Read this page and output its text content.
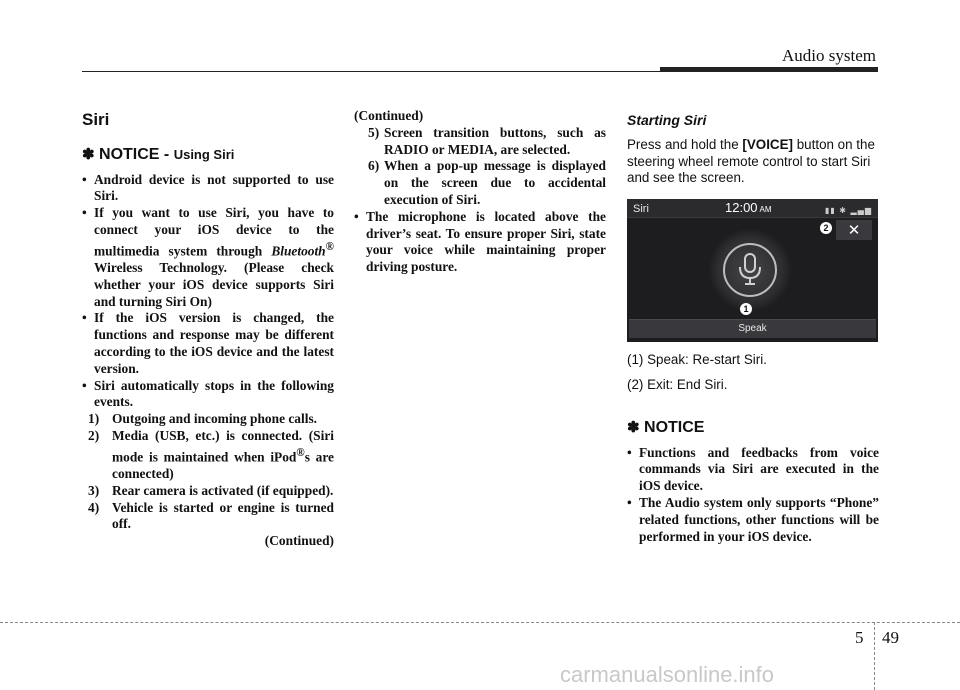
Audio system
Siri
✽ NOTICE - Using Siri

• Android device is not supported to use Siri.

• If you want to use Siri, you have to connect your iOS device to the multimedia system through Bluetooth® Wireless Technology. (Please check whether your iOS device supports Siri and turning Siri On)

• If the iOS version is changed, the functions and response may be different according to the iOS device and the latest version.

• Siri automatically stops in the following events.

1) Outgoing and incoming phone calls.

2) Media (USB, etc.) is connected. (Siri mode is maintained when iPod®s are connected)

3) Rear camera is activated (if equipped).

4) Vehicle is started or engine is turned off.

(Continued)

(Continued)

5) Screen transition buttons, such as RADIO or MEDIA, are selected.

6) When a pop-up message is displayed on the screen due to accidental execution of Siri.

• The microphone is located above the driver’s seat. To ensure proper Siri, state your voice while maintaining proper driving posture.

Starting Siri

Press and hold the [VOICE] button on the steering wheel remote control to start Siri and see the screen.

Siri	12:00 AM	▮▮ ✱ ▂▄▆
✕
2
1
Speak

(1) Speak: Re-start Siri.

(2) Exit: End Siri.

✽ NOTICE

• Functions and feedbacks from voice commands via Siri are executed in the iOS device.

• The Audio system only supports “Phone” related functions, other functions will be performed in your iOS device.

5 49
carmanualsonline.info
